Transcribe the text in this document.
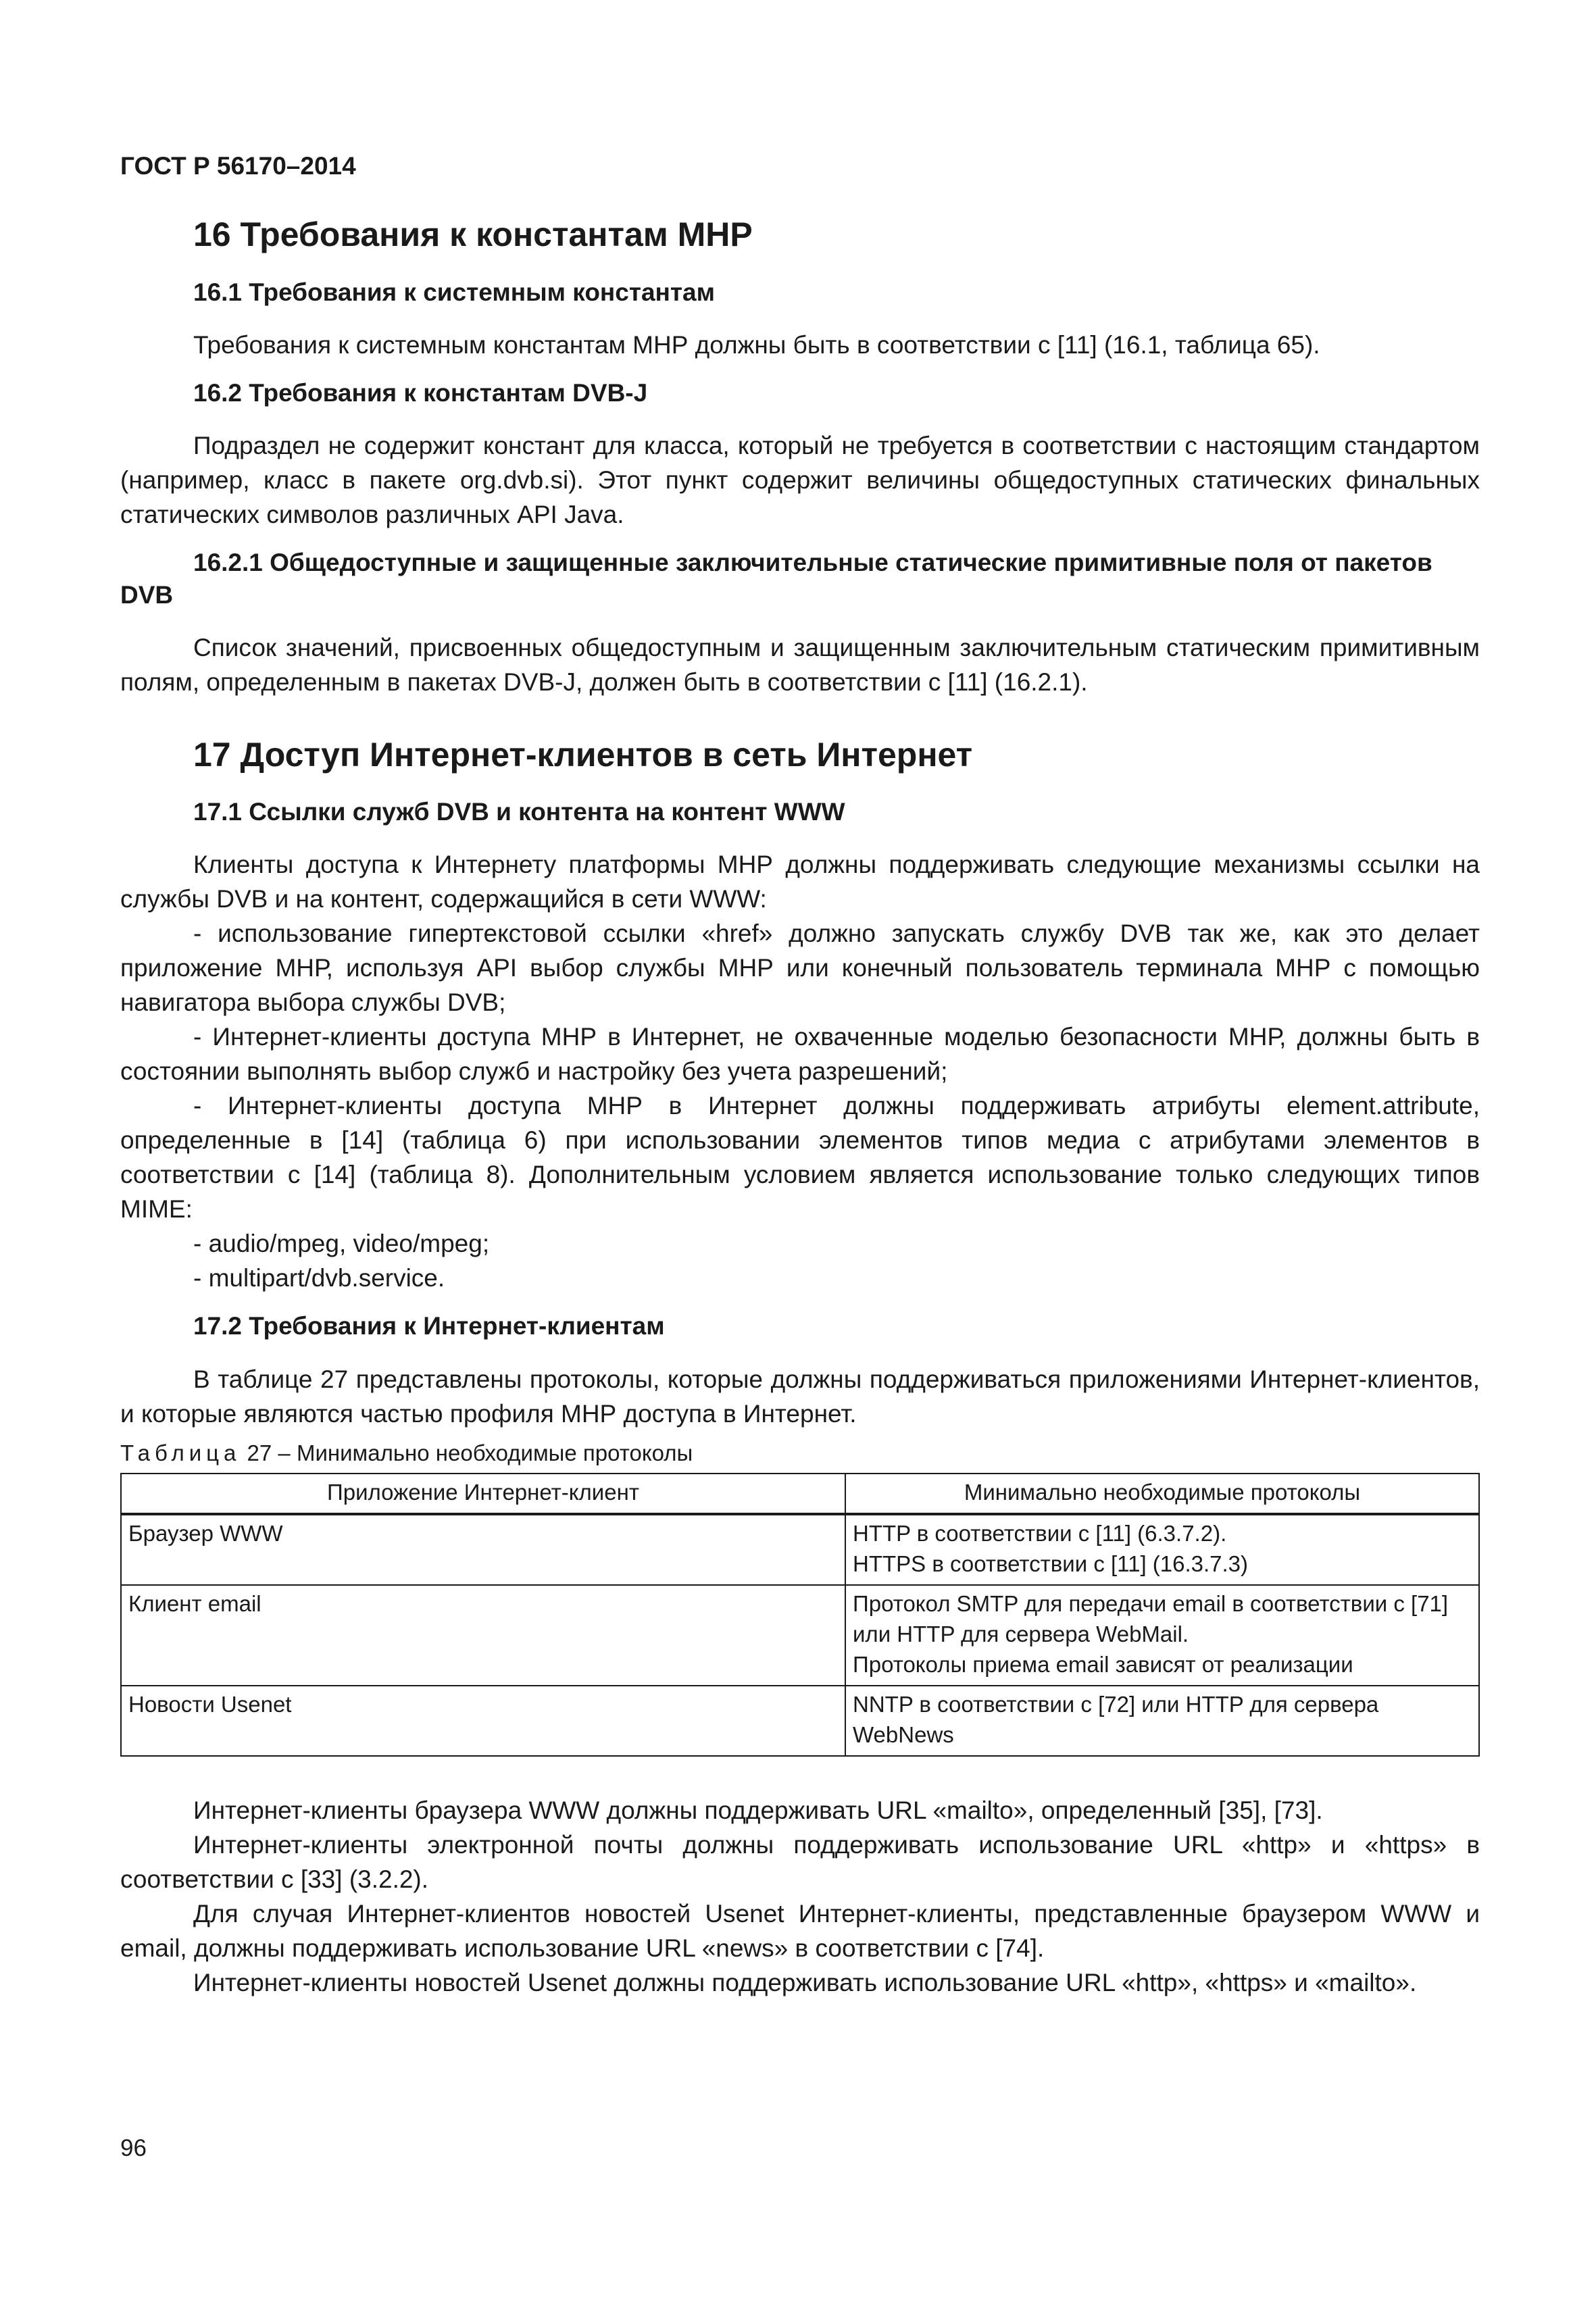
ГОСТ Р 56170–2014
16 Требования к константам МНР
16.1 Требования к системным константам

Требования к системным константам МНР должны быть в соответствии с [11] (16.1, таблица 65).

16.2 Требования к константам DVB-J

Подраздел не содержит констант для класса, который не требуется в соответствии с настоящим стандартом (например, класс в пакете org.dvb.si). Этот пункт содержит величины общедоступных статических финальных статических символов различных API Java.

16.2.1 Общедоступные и защищенные заключительные статические примитивные поля от пакетов DVB

Список значений, присвоенных общедоступным и защищенным заключительным статическим примитивным полям, определенным в пакетах DVB-J, должен быть в соответствии с [11] (16.2.1).

17 Доступ Интернет-клиентов в сеть Интернет
17.1 Ссылки служб DVB и контента на контент WWW

Клиенты доступа к Интернету платформы МНР должны поддерживать следующие механизмы ссылки на службы DVB и на контент, содержащийся в сети WWW:

- использование гипертекстовой ссылки «href» должно запускать службу DVB так же, как это делает приложение МНР, используя API выбор службы МНР или конечный пользователь терминала МНР с помощью навигатора выбора службы DVB;

- Интернет-клиенты доступа МНР в Интернет, не охваченные моделью безопасности МНР, должны быть в состоянии выполнять выбор служб и настройку без учета разрешений;

- Интернет-клиенты доступа МНР в Интернет должны поддерживать атрибуты element.attribute, определенные в [14] (таблица 6) при использовании элементов типов медиа с атрибутами элементов в соответствии с [14] (таблица 8). Дополнительным условием является использование только следующих типов MIME:

- audio/mpeg, video/mpeg;

- multipart/dvb.service.

17.2 Требования к Интернет-клиентам

В таблице 27 представлены протоколы, которые должны поддерживаться приложениями Интернет-клиентов, и которые являются частью профиля МНР доступа в Интернет.

Таблица 27 – Минимально необходимые протоколы
Приложение Интернет-клиент	Минимально необходимые протоколы
Браузер WWW	HTTP в соответствии с [11] (6.3.7.2).
HTTPS в соответствии с [11] (16.3.7.3)

Клиент email	Протокол SMTP для передачи email в соответствии с [71] или HTTP для сервера WebMail.
Протоколы приема email зависят от реализации

Новости Usenet	NNTP в соответствии с [72] или HTTP для сервера WebNews

Интернет-клиенты браузера WWW должны поддерживать URL «mailto», определенный [35], [73].

Интернет-клиенты электронной почты должны поддерживать использование URL «http» и «https» в соответствии с [33] (3.2.2).

Для случая Интернет-клиентов новостей Usenet Интернет-клиенты, представленные браузером WWW и email, должны поддерживать использование URL «news» в соответствии с [74].

Интернет-клиенты новостей Usenet должны поддерживать использование URL «http», «https» и «mailto».

96
